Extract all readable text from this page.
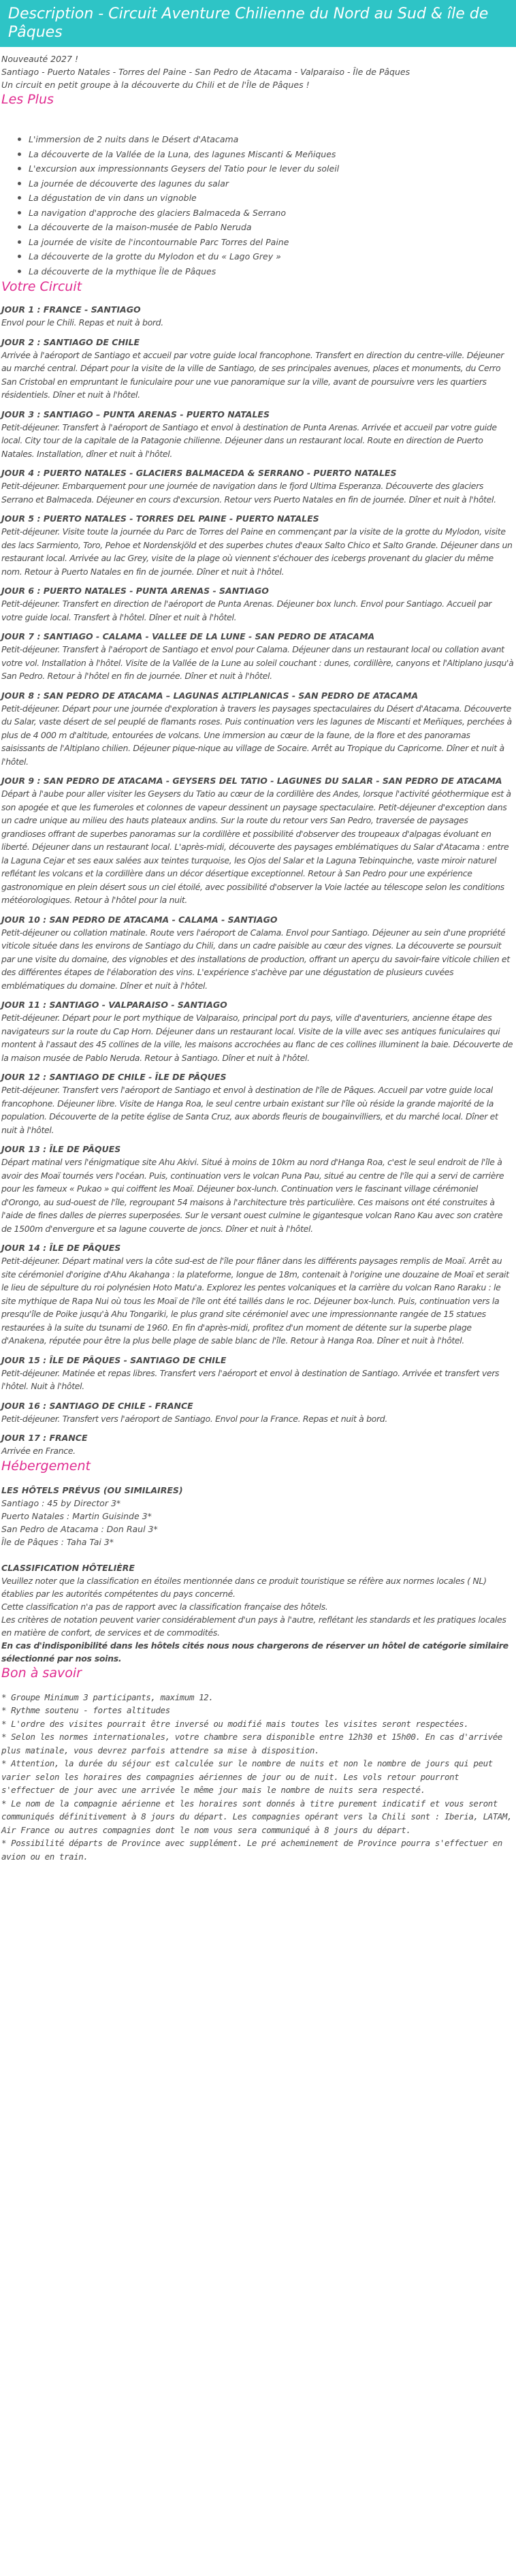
Description - Circuit Aventure Chilienne du Nord au Sud & île de Pâques

Nouveauté 2027 !

Santiago - Puerto Natales - Torres del Paine - San Pedro de Atacama - Valparaiso - Île de Pâques

Un circuit en petit groupe à la découverte du Chili et de l'Île de Pâques !

Les Plus
L'immersion de 2 nuits dans le Désert d'Atacama
La découverte de la Vallée de la Luna, des lagunes Miscanti & Meñiques
L'excursion aux impressionnants Geysers del Tatio pour le lever du soleil
La journée de découverte des lagunes du salar
La dégustation de vin dans un vignoble
La navigation d'approche des glaciers Balmaceda & Serrano
La découverte de la maison-musée de Pablo Neruda
La journée de visite de l'incontournable Parc Torres del Paine
La découverte de la grotte du Mylodon et du « Lago Grey »
La découverte de la mythique Île de Pâques
Votre Circuit
JOUR 1 : FRANCE - SANTIAGO

Envol pour le Chili. Repas et nuit à bord.

JOUR 2 : SANTIAGO DE CHILE

Arrivée à l'aéroport de Santiago et accueil par votre guide local francophone. Transfert en direction du centre-ville. Déjeuner au marché central. Départ pour la visite de la ville de Santiago, de ses principales avenues, places et monuments, du Cerro San Cristobal en empruntant le funiculaire pour une vue panoramique sur la ville, avant de poursuivre vers les quartiers résidentiels. Dîner et nuit à l'hôtel.

JOUR 3 : SANTIAGO – PUNTA ARENAS - PUERTO NATALES

Petit-déjeuner. Transfert à l'aéroport de Santiago et envol à destination de Punta Arenas. Arrivée et accueil par votre guide local. City tour de la capitale de la Patagonie chilienne. Déjeuner dans un restaurant local. Route en direction de Puerto Natales. Installation, dîner et nuit à l'hôtel.

JOUR 4 : PUERTO NATALES - GLACIERS BALMACEDA & SERRANO - PUERTO NATALES

Petit-déjeuner. Embarquement pour une journée de navigation dans le fjord Ultima Esperanza. Découverte des glaciers Serrano et Balmaceda. Déjeuner en cours d'excursion. Retour vers Puerto Natales en fin de journée. Dîner et nuit à l'hôtel.

JOUR 5 : PUERTO NATALES - TORRES DEL PAINE - PUERTO NATALES

Petit-déjeuner. Visite toute la journée du Parc de Torres del Paine en commençant par la visite de la grotte du Mylodon, visite des lacs Sarmiento, Toro, Pehoe et Nordenskjöld et des superbes chutes d'eaux Salto Chico et Salto Grande. Déjeuner dans un restaurant local. Arrivée au lac Grey, visite de la plage où viennent s'échouer des icebergs provenant du glacier du même nom. Retour à Puerto Natales en fin de journée. Dîner et nuit à l'hôtel.

JOUR 6 : PUERTO NATALES - PUNTA ARENAS - SANTIAGO

Petit-déjeuner. Transfert en direction de l'aéroport de Punta Arenas. Déjeuner box lunch. Envol pour Santiago. Accueil par votre guide local. Transfert à l'hôtel. Dîner et nuit à l'hôtel.

JOUR 7 : SANTIAGO - CALAMA - VALLEE DE LA LUNE - SAN PEDRO DE ATACAMA

Petit-déjeuner. Transfert à l'aéroport de Santiago et envol pour Calama. Déjeuner dans un restaurant local ou collation avant votre vol. Installation à l'hôtel. Visite de la Vallée de la Lune au soleil couchant : dunes, cordillère, canyons et l'Altiplano jusqu'à San Pedro. Retour à l'hôtel en fin de journée. Dîner et nuit à l'hôtel.

JOUR 8 : SAN PEDRO DE ATACAMA – LAGUNAS ALTIPLANICAS - SAN PEDRO DE ATACAMA

Petit-déjeuner. Départ pour une journée d'exploration à travers les paysages spectaculaires du Désert d'Atacama. Découverte du Salar, vaste désert de sel peuplé de flamants roses. Puis continuation vers les lagunes de Miscanti et Meñiques, perchées à plus de 4 000 m d'altitude, entourées de volcans. Une immersion au cœur de la faune, de la flore et des panoramas saisissants de l'Altiplano chilien. Déjeuner pique-nique au village de Socaire. Arrêt au Tropique du Capricorne. Dîner et nuit à l'hôtel.

JOUR 9 : SAN PEDRO DE ATACAMA - GEYSERS DEL TATIO - LAGUNES DU SALAR - SAN PEDRO DE ATACAMA

Départ à l'aube pour aller visiter les Geysers du Tatio au cœur de la cordillère des Andes, lorsque l'activité géothermique est à son apogée et que les fumeroles et colonnes de vapeur dessinent un paysage spectaculaire. Petit-déjeuner d'exception dans un cadre unique au milieu des hauts plateaux andins. Sur la route du retour vers San Pedro, traversée de paysages grandioses offrant de superbes panoramas sur la cordillère et possibilité d'observer des troupeaux d'alpagas évoluant en liberté. Déjeuner dans un restaurant local. L'après-midi, découverte des paysages emblématiques du Salar d'Atacama : entre la Laguna Cejar et ses eaux salées aux teintes turquoise, les Ojos del Salar et la Laguna Tebinquinche, vaste miroir naturel reflétant les volcans et la cordillère dans un décor désertique exceptionnel. Retour à San Pedro pour une expérience gastronomique en plein désert sous un ciel étoilé, avec possibilité d'observer la Voie lactée au télescope selon les conditions météorologiques. Retour à l'hôtel pour la nuit.

JOUR 10 : SAN PEDRO DE ATACAMA - CALAMA - SANTIAGO

Petit-déjeuner ou collation matinale. Route vers l'aéroport de Calama. Envol pour Santiago. Déjeuner au sein d'une propriété viticole située dans les environs de Santiago du Chili, dans un cadre paisible au cœur des vignes. La découverte se poursuit par une visite du domaine, des vignobles et des installations de production, offrant un aperçu du savoir-faire viticole chilien et des différentes étapes de l'élaboration des vins. L'expérience s'achève par une dégustation de plusieurs cuvées emblématiques du domaine. Dîner et nuit à l'hôtel.

JOUR 11 : SANTIAGO - VALPARAISO - SANTIAGO

Petit-déjeuner. Départ pour le port mythique de Valparaiso, principal port du pays, ville d'aventuriers, ancienne étape des navigateurs sur la route du Cap Horn. Déjeuner dans un restaurant local. Visite de la ville avec ses antiques funiculaires qui montent à l'assaut des 45 collines de la ville, les maisons accrochées au flanc de ces collines illuminent la baie. Découverte de la maison musée de Pablo Neruda. Retour à Santiago. Dîner et nuit à l'hôtel.

JOUR 12 : SANTIAGO DE CHILE - ÎLE DE PÂQUES

Petit-déjeuner. Transfert vers l'aéroport de Santiago et envol à destination de l'île de Pâques. Accueil par votre guide local francophone. Déjeuner libre. Visite de Hanga Roa, le seul centre urbain existant sur l'île où réside la grande majorité de la population. Découverte de la petite église de Santa Cruz, aux abords fleuris de bougainvilliers, et du marché local. Dîner et nuit à l'hôtel.

JOUR 13 : ÎLE DE PÂQUES

Départ matinal vers l'énigmatique site Ahu Akivi. Situé à moins de 10km au nord d'Hanga Roa, c'est le seul endroit de l'île à avoir des Moaï tournés vers l'océan. Puis, continuation vers le volcan Puna Pau, situé au centre de l'île qui a servi de carrière pour les fameux « Pukao » qui coiffent les Moaï. Déjeuner box-lunch. Continuation vers le fascinant village cérémoniel d'Orongo, au sud-ouest de l'île, regroupant 54 maisons à l'architecture très particulière. Ces maisons ont été construites à l'aide de fines dalles de pierres superposées. Sur le versant ouest culmine le gigantesque volcan Rano Kau avec son cratère de 1500m d'envergure et sa lagune couverte de joncs. Dîner et nuit à l'hôtel.

JOUR 14 : ÎLE DE PÂQUES

Petit-déjeuner. Départ matinal vers la côte sud-est de l'île pour flâner dans les différents paysages remplis de Moaï. Arrêt au site cérémoniel d'origine d'Ahu Akahanga : la plateforme, longue de 18m, contenait à l'origine une douzaine de Moaï et serait le lieu de sépulture du roi polynésien Hoto Matu'a. Explorez les pentes volcaniques et la carrière du volcan Rano Raraku : le site mythique de Rapa Nui où tous les Moaï de l'île ont été taillés dans le roc. Déjeuner box-lunch. Puis, continuation vers la presqu'île de Poike jusqu'à Ahu Tongariki, le plus grand site cérémoniel avec une impressionnante rangée de 15 statues restaurées à la suite du tsunami de 1960. En fin d'après-midi, profitez d'un moment de détente sur la superbe plage d'Anakena, réputée pour être la plus belle plage de sable blanc de l'île. Retour à Hanga Roa. Dîner et nuit à l'hôtel.

JOUR 15 : ÎLE DE PÂQUES - SANTIAGO DE CHILE

Petit-déjeuner. Matinée et repas libres. Transfert vers l'aéroport et envol à destination de Santiago. Arrivée et transfert vers l'hôtel. Nuit à l'hôtel.

JOUR 16 : SANTIAGO DE CHILE - FRANCE

Petit-déjeuner. Transfert vers l'aéroport de Santiago. Envol pour la France. Repas et nuit à bord.

JOUR 17 : FRANCE

Arrivée en France.

Hébergement
LES HÔTELS PRÉVUS (OU SIMILAIRES)
Santiago : 45 by Director 3*
Puerto Natales : Martin Guisinde 3*
San Pedro de Atacama : Don Raul 3*
Île de Pâques : Taha Tai 3*
CLASSIFICATION HÔTELIÈRE
Veuillez noter que la classification en étoiles mentionnée dans ce produit touristique se réfère aux normes locales ( NL) établies par les autorités compétentes du pays concerné.
Cette classification n'a pas de rapport avec la classification française des hôtels.
Les critères de notation peuvent varier considérablement d'un pays à l'autre, reflétant les standards et les pratiques locales en matière de confort, de services et de commodités.
En cas d'indisponibilité dans les hôtels cités nous nous chargerons de réserver un hôtel de catégorie similaire sélectionné par nos soins.
Bon à savoir
* Groupe Minimum 3 participants, maximum 12.
* Rythme soutenu - fortes altitudes
* L'ordre des visites pourrait être inversé ou modifié mais toutes les visites seront respectées.
* Selon les normes internationales, votre chambre sera disponible entre 12h30 et 15h00. En cas d'arrivée plus matinale, vous devrez parfois attendre sa mise à disposition.
* Attention, la durée du séjour est calculée sur le nombre de nuits et non le nombre de jours qui peut varier selon les horaires des compagnies aériennes de jour ou de nuit. Les vols retour pourront s'effectuer de jour avec une arrivée le même jour mais le nombre de nuits sera respecté.
* Le nom de la compagnie aérienne et les horaires sont donnés à titre purement indicatif et vous seront communiqués définitivement à 8 jours du départ. Les compagnies opérant vers la Chili sont : Iberia, LATAM, Air France ou autres compagnies dont le nom vous sera communiqué à 8 jours du départ.
* Possibilité départs de Province avec supplément. Le pré acheminement de Province pourra s'effectuer en avion ou en train.
